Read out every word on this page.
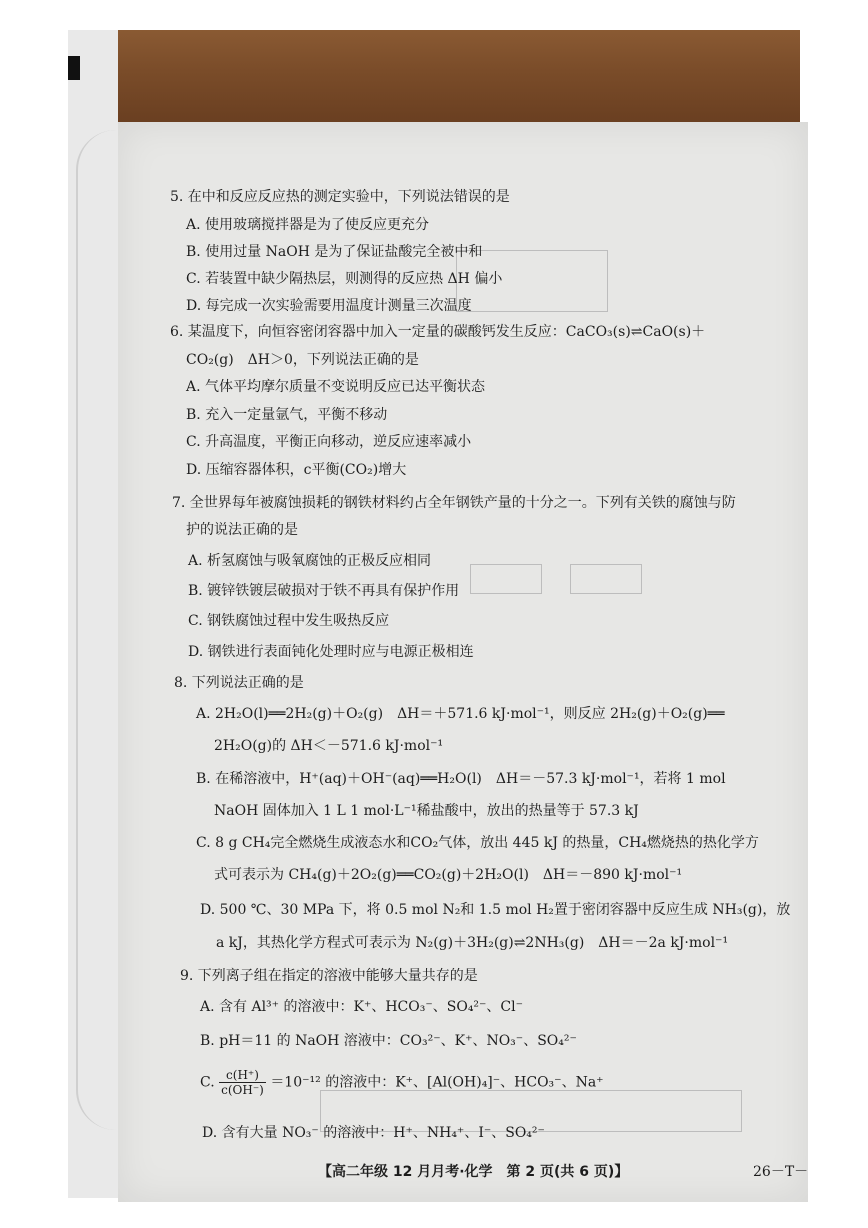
5. 在中和反应反应热的测定实验中，下列说法错误的是
A. 使用玻璃搅拌器是为了使反应更充分
B. 使用过量 NaOH 是为了保证盐酸完全被中和
C. 若装置中缺少隔热层，则测得的反应热 ΔH 偏小
D. 每完成一次实验需要用温度计测量三次温度
6. 某温度下，向恒容密闭容器中加入一定量的碳酸钙发生反应：CaCO₃(s)⇌CaO(s)＋
CO₂(g)　ΔH＞0，下列说法正确的是
A. 气体平均摩尔质量不变说明反应已达平衡状态
B. 充入一定量氩气，平衡不移动
C. 升高温度，平衡正向移动，逆反应速率减小
D. 压缩容器体积，c平衡(CO₂)增大
7. 全世界每年被腐蚀损耗的钢铁材料约占全年钢铁产量的十分之一。下列有关铁的腐蚀与防
护的说法正确的是
A. 析氢腐蚀与吸氧腐蚀的正极反应相同
B. 镀锌铁镀层破损对于铁不再具有保护作用
C. 钢铁腐蚀过程中发生吸热反应
D. 钢铁进行表面钝化处理时应与电源正极相连
8. 下列说法正确的是
A. 2H₂O(l)══2H₂(g)＋O₂(g)　ΔH＝＋571.6 kJ·mol⁻¹，则反应 2H₂(g)＋O₂(g)══
2H₂O(g)的 ΔH＜－571.6 kJ·mol⁻¹
B. 在稀溶液中，H⁺(aq)＋OH⁻(aq)══H₂O(l)　ΔH＝－57.3 kJ·mol⁻¹，若将 1 mol
NaOH 固体加入 1 L 1 mol·L⁻¹稀盐酸中，放出的热量等于 57.3 kJ
C. 8 g CH₄完全燃烧生成液态水和CO₂气体，放出 445 kJ 的热量，CH₄燃烧热的热化学方
式可表示为 CH₄(g)＋2O₂(g)══CO₂(g)＋2H₂O(l)　ΔH＝－890 kJ·mol⁻¹
D. 500 ℃、30 MPa 下，将 0.5 mol N₂和 1.5 mol H₂置于密闭容器中反应生成 NH₃(g)，放
a kJ，其热化学方程式可表示为 N₂(g)＋3H₂(g)⇌2NH₃(g)　ΔH＝－2a kJ·mol⁻¹
9. 下列离子组在指定的溶液中能够大量共存的是
A. 含有 Al³⁺ 的溶液中：K⁺、HCO₃⁻、SO₄²⁻、Cl⁻
B. pH＝11 的 NaOH 溶液中：CO₃²⁻、K⁺、NO₃⁻、SO₄²⁻
C. $\frac{c(H^+)}{c(OH^-)} =10^{-12}$ 的溶液中：K⁺、[Al(OH)₄]⁻、HCO₃⁻、Na⁺
D. 含有大量 NO₃⁻ 的溶液中：H⁺、NH₄⁺、I⁻、SO₄²⁻
【高二年级 12 月月考·化学　第 2 页(共 6 页)】	26－T－
